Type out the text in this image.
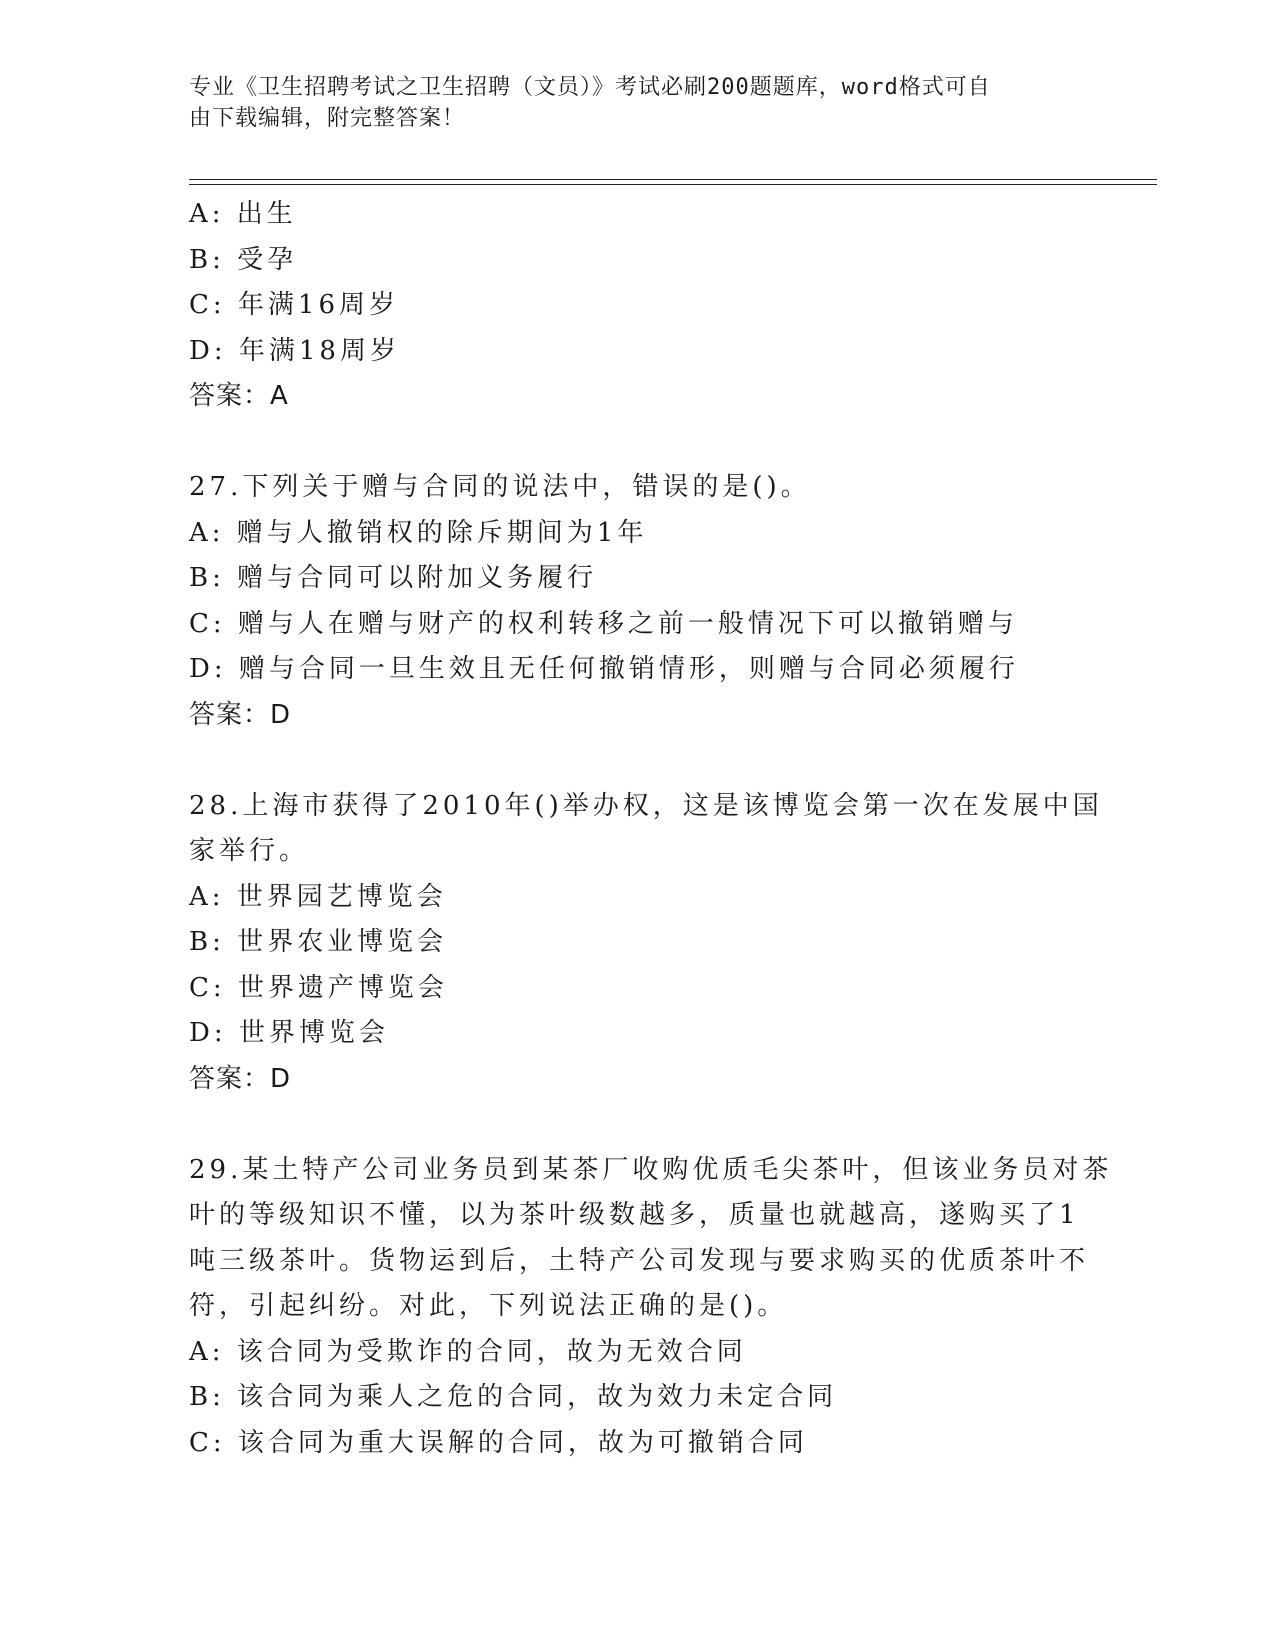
专业《卫生招聘考试之卫生招聘（文员）》考试必刷200题题库，word格式可自
由下载编辑，附完整答案！
A: 出生
B: 受孕
C: 年满16周岁
D: 年满18周岁
答案：A
27.下列关于赠与合同的说法中，错误的是()。
A: 赠与人撤销权的除斥期间为1年
B: 赠与合同可以附加义务履行
C: 赠与人在赠与财产的权利转移之前一般情况下可以撤销赠与
D: 赠与合同一旦生效且无任何撤销情形，则赠与合同必须履行
答案：D
28.上海市获得了2010年()举办权，这是该博览会第一次在发展中国
家举行。
A: 世界园艺博览会
B: 世界农业博览会
C: 世界遗产博览会
D: 世界博览会
答案：D
29.某土特产公司业务员到某茶厂收购优质毛尖茶叶，但该业务员对茶
叶的等级知识不懂，以为茶叶级数越多，质量也就越高，遂购买了1
吨三级茶叶。货物运到后，土特产公司发现与要求购买的优质茶叶不
符，引起纠纷。对此，下列说法正确的是()。
A: 该合同为受欺诈的合同，故为无效合同
B: 该合同为乘人之危的合同，故为效力未定合同
C: 该合同为重大误解的合同，故为可撤销合同
